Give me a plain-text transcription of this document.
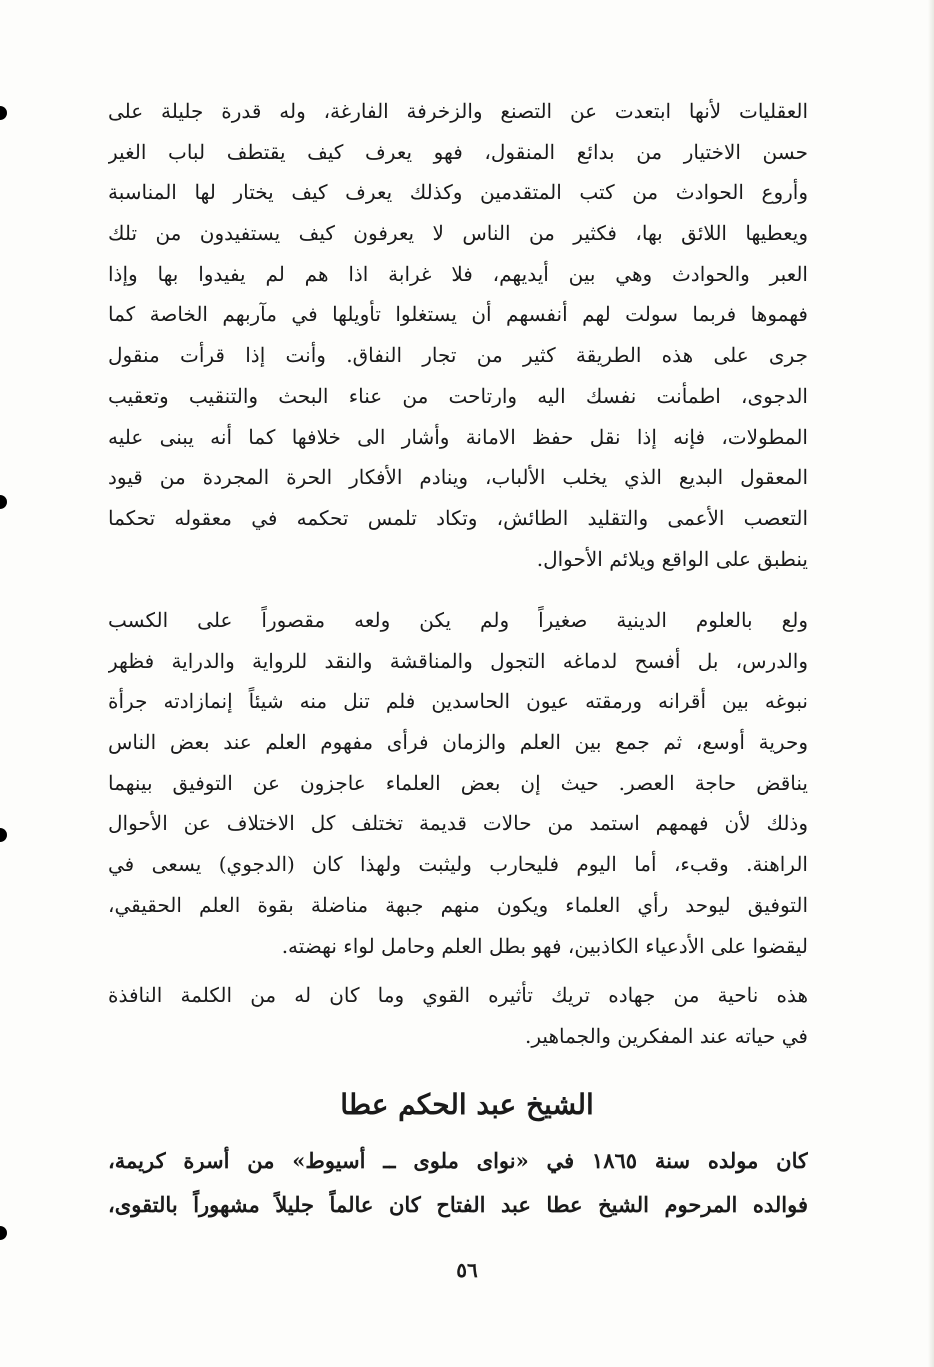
العقليات لأنها ابتعدت عن التصنع والزخرفة الفارغة، وله قدرة جليلة على
حسن الاختيار من بدائع المنقول، فهو يعرف كيف يقتطف لباب الغير
وأروع الحوادث من كتب المتقدمين وكذلك يعرف كيف يختار لها المناسبة
ويعطيها اللائق بها، فكثير من الناس لا يعرفون كيف يستفيدون من تلك
العبر والحوادث وهي بين أيديهم، فلا غرابة اذا هم لم يفيدوا بها وإذا
فهموها فربما سولت لهم أنفسهم أن يستغلوا تأويلها في مآربهم الخاصة كما
جرى على هذه الطريقة كثير من تجار النفاق. وأنت إذا قرأت منقول
الدجوى، اطمأنت نفسك اليه وارتاحت من عناء البحث والتنقيب وتعقيب
المطولات، فإنه إذا نقل حفظ الامانة وأشار الى خلافها كما أنه يبنى عليه
المعقول البديع الذي يخلب الألباب، وينادم الأفكار الحرة المجردة من قيود
التعصب الأعمى والتقليد الطائش، وتكاد تلمس تحكمه في معقوله تحكما
ينطبق على الواقع ويلائم الأحوال.
ولع بالعلوم الدينية صغيراً ولم يكن ولعه مقصوراً على الكسب
والدرس، بل أفسح لدماغه التجول والمناقشة والنقد للرواية والدراية فظهر
نبوغه بين أقرانه ورمقته عيون الحاسدين فلم تنل منه شيئاً إنمازادته جرأة
وحرية أوسع، ثم جمع بين العلم والزمان فرأى مفهوم العلم عند بعض الناس
يناقض حاجة العصر. حيث إن بعض العلماء عاجزون عن التوفيق بينهما
وذلك لأن فهمهم استمد من حالات قديمة تختلف كل الاختلاف عن الأحوال
الراهنة. وقبء، أما اليوم فليحارب وليثبت ولهذا كان (الدجوي) يسعى في
التوفيق ليوحد رأي العلماء ويكون منهم جبهة مناضلة بقوة العلم الحقيقي،
ليقضوا على الأدعياء الكاذبين، فهو بطل العلم وحامل لواء نهضته.
هذه ناحية من جهاده تريك تأثيره القوي وما كان له من الكلمة النافذة
في حياته عند المفكرين والجماهير.
الشيخ عبد الحكم عطا
كان مولده سنة ١٨٦٥ في «نواى ملوى ــ أسيوط» من أسرة كريمة،
فوالده المرحوم الشيخ عطا عبد الفتاح كان عالماً جليلاً مشهوراً بالتقوى،
٥٦
